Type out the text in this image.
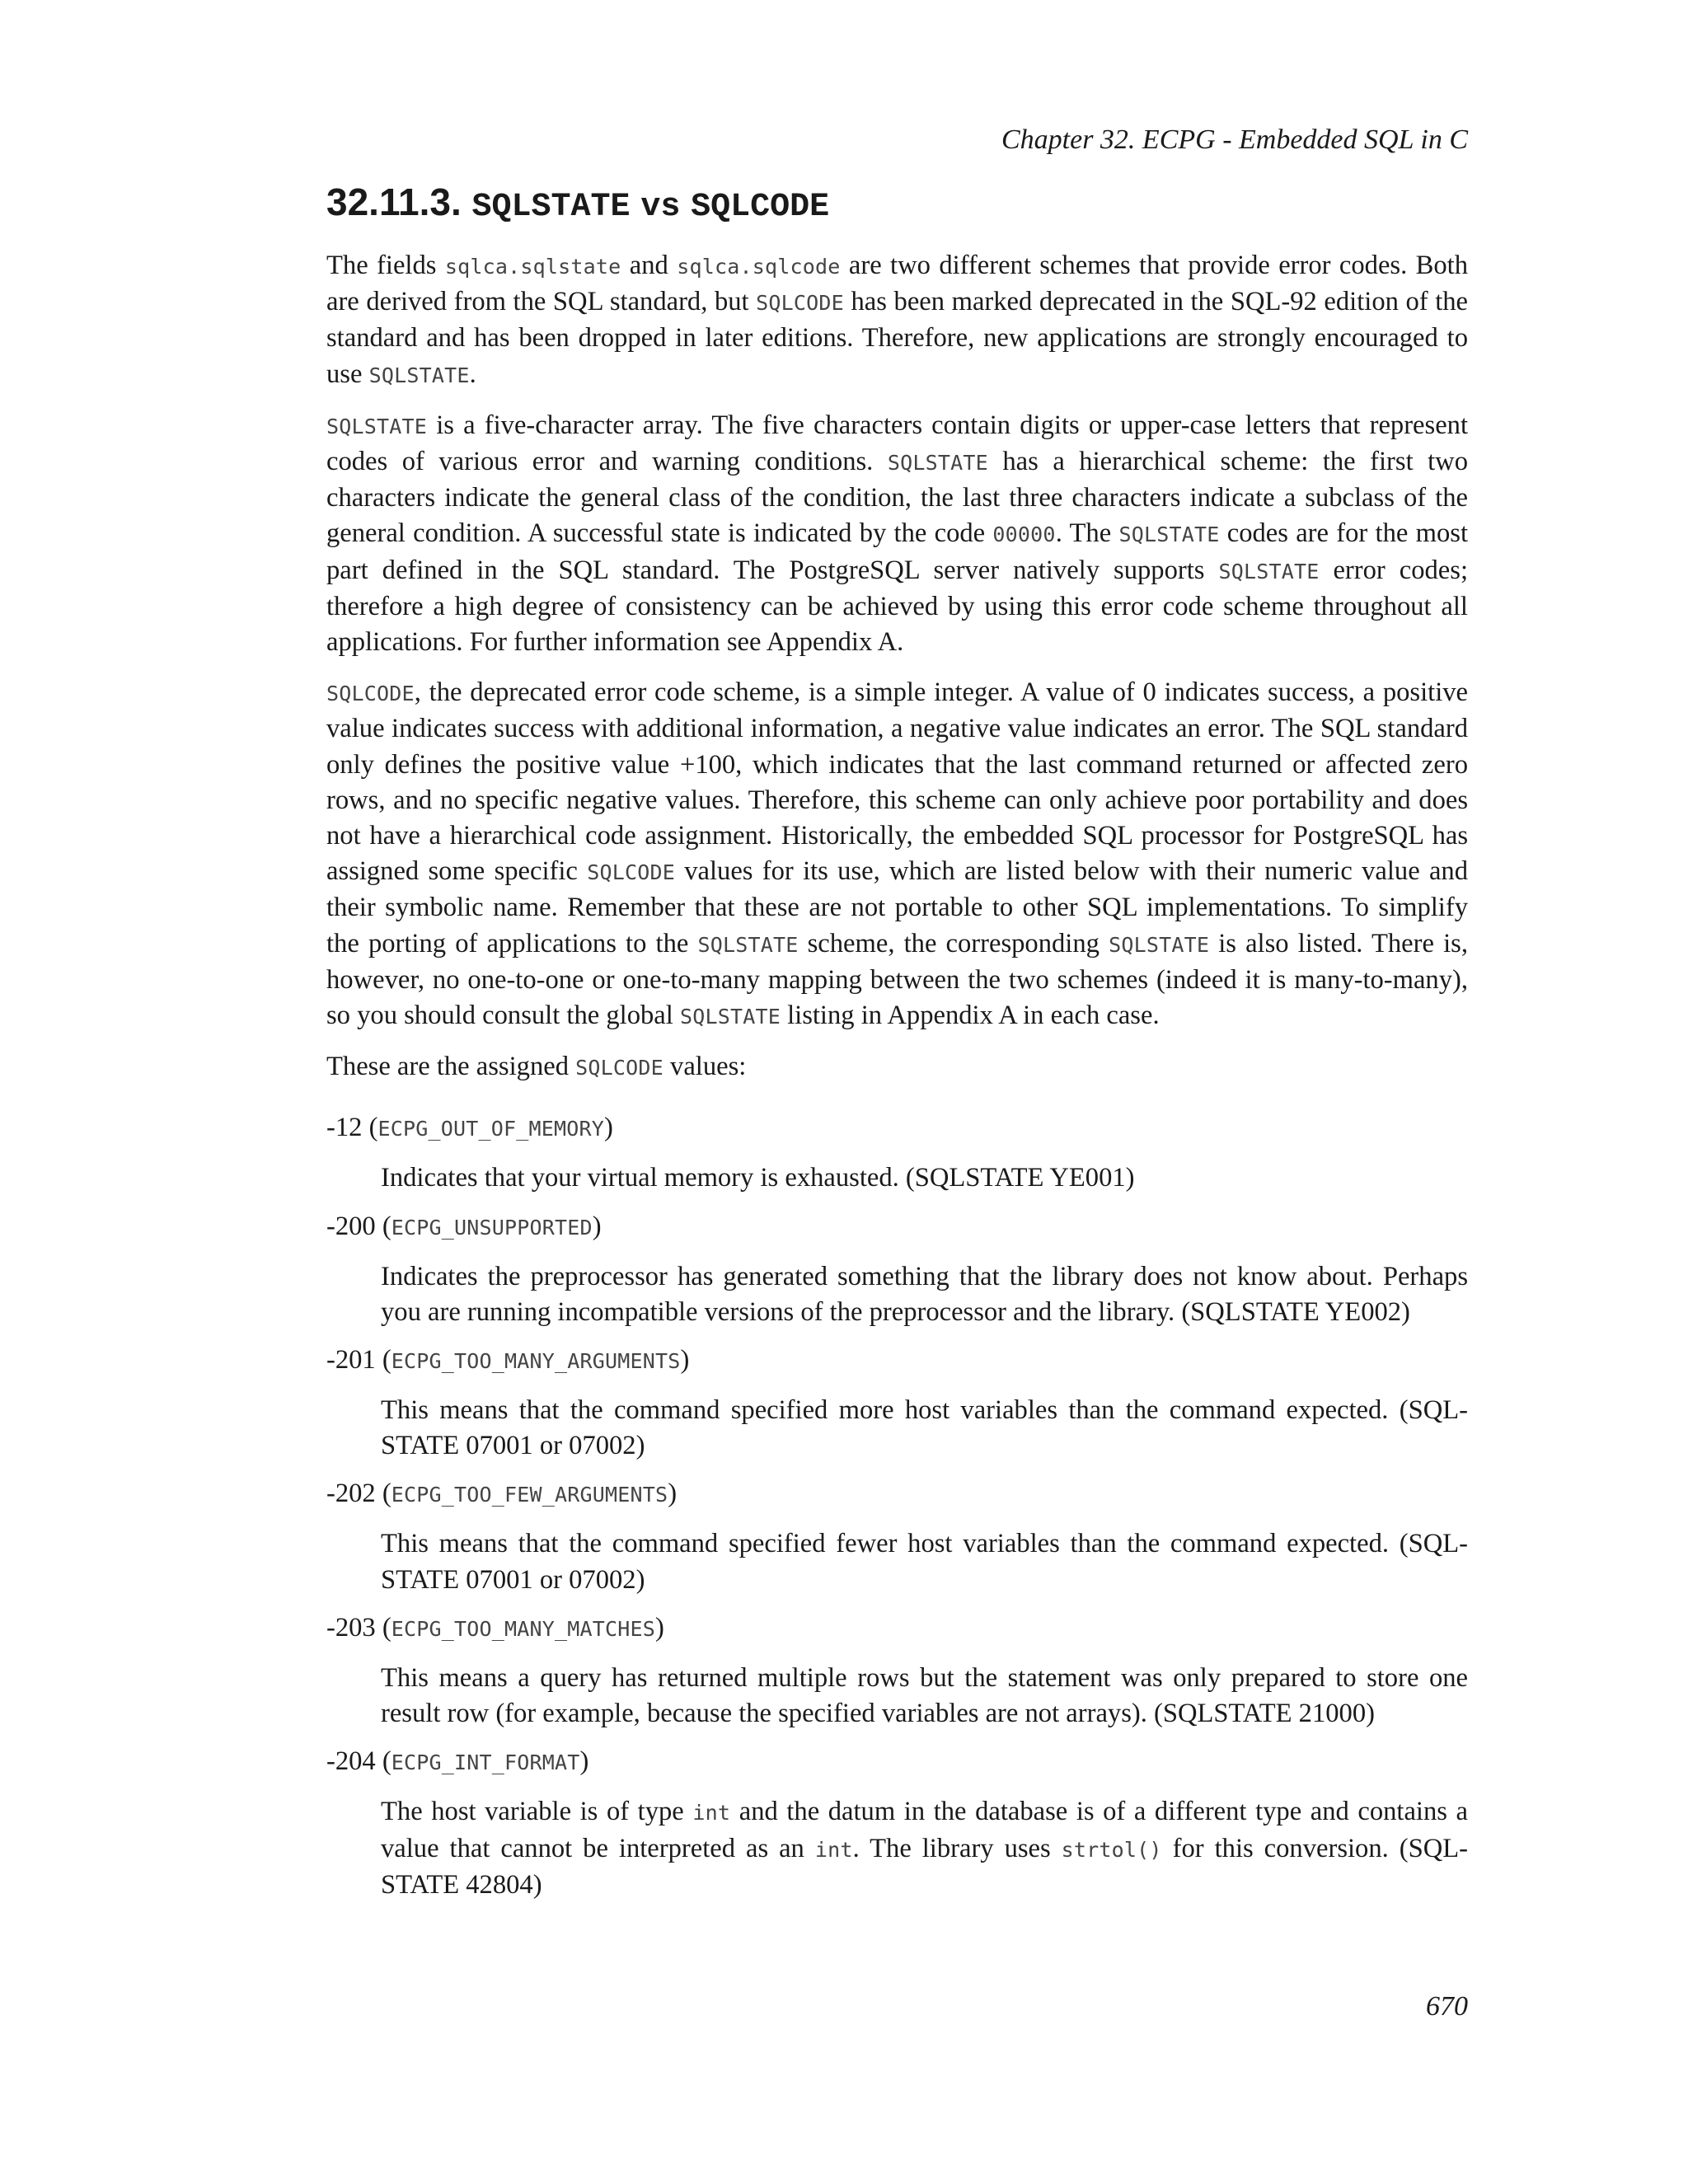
Chapter 32. ECPG - Embedded SQL in C

32.11.3. SQLSTATE vs SQLCODE

The fields sqlca.sqlstate and sqlca.sqlcode are two different schemes that provide error codes. Both are derived from the SQL standard, but SQLCODE has been marked deprecated in the SQL-92 edition of the standard and has been dropped in later editions. Therefore, new applications are strongly encouraged to use SQLSTATE.

SQLSTATE is a five-character array. The five characters contain digits or upper-case letters that represent codes of various error and warning conditions. SQLSTATE has a hierarchical scheme: the first two characters indicate the general class of the condition, the last three characters indicate a subclass of the general condition. A successful state is indicated by the code 00000. The SQLSTATE codes are for the most part defined in the SQL standard. The PostgreSQL server natively supports SQLSTATE error codes; therefore a high degree of consistency can be achieved by using this error code scheme throughout all applications. For further information see Appendix A.

SQLCODE, the deprecated error code scheme, is a simple integer. A value of 0 indicates success, a positive value indicates success with additional information, a negative value indicates an error. The SQL standard only defines the positive value +100, which indicates that the last command returned or affected zero rows, and no specific negative values. Therefore, this scheme can only achieve poor portability and does not have a hierarchical code assignment. Historically, the embedded SQL processor for PostgreSQL has assigned some specific SQLCODE values for its use, which are listed below with their numeric value and their symbolic name. Remember that these are not portable to other SQL implementations. To simplify the porting of applications to the SQLSTATE scheme, the corresponding SQLSTATE is also listed. There is, however, no one-to-one or one-to-many mapping between the two schemes (indeed it is many-to-many), so you should consult the global SQLSTATE listing in Appendix A in each case.

These are the assigned SQLCODE values:

-12 (ECPG_OUT_OF_MEMORY)

Indicates that your virtual memory is exhausted. (SQLSTATE YE001)

-200 (ECPG_UNSUPPORTED)

Indicates the preprocessor has generated something that the library does not know about. Perhaps you are running incompatible versions of the preprocessor and the library. (SQLSTATE YE002)

-201 (ECPG_TOO_MANY_ARGUMENTS)

This means that the command specified more host variables than the command expected. (SQLSTATE 07001 or 07002)

-202 (ECPG_TOO_FEW_ARGUMENTS)

This means that the command specified fewer host variables than the command expected. (SQLSTATE 07001 or 07002)

-203 (ECPG_TOO_MANY_MATCHES)

This means a query has returned multiple rows but the statement was only prepared to store one result row (for example, because the specified variables are not arrays). (SQLSTATE 21000)

-204 (ECPG_INT_FORMAT)

The host variable is of type int and the datum in the database is of a different type and contains a value that cannot be interpreted as an int. The library uses strtol() for this conversion. (SQLSTATE 42804)

670
